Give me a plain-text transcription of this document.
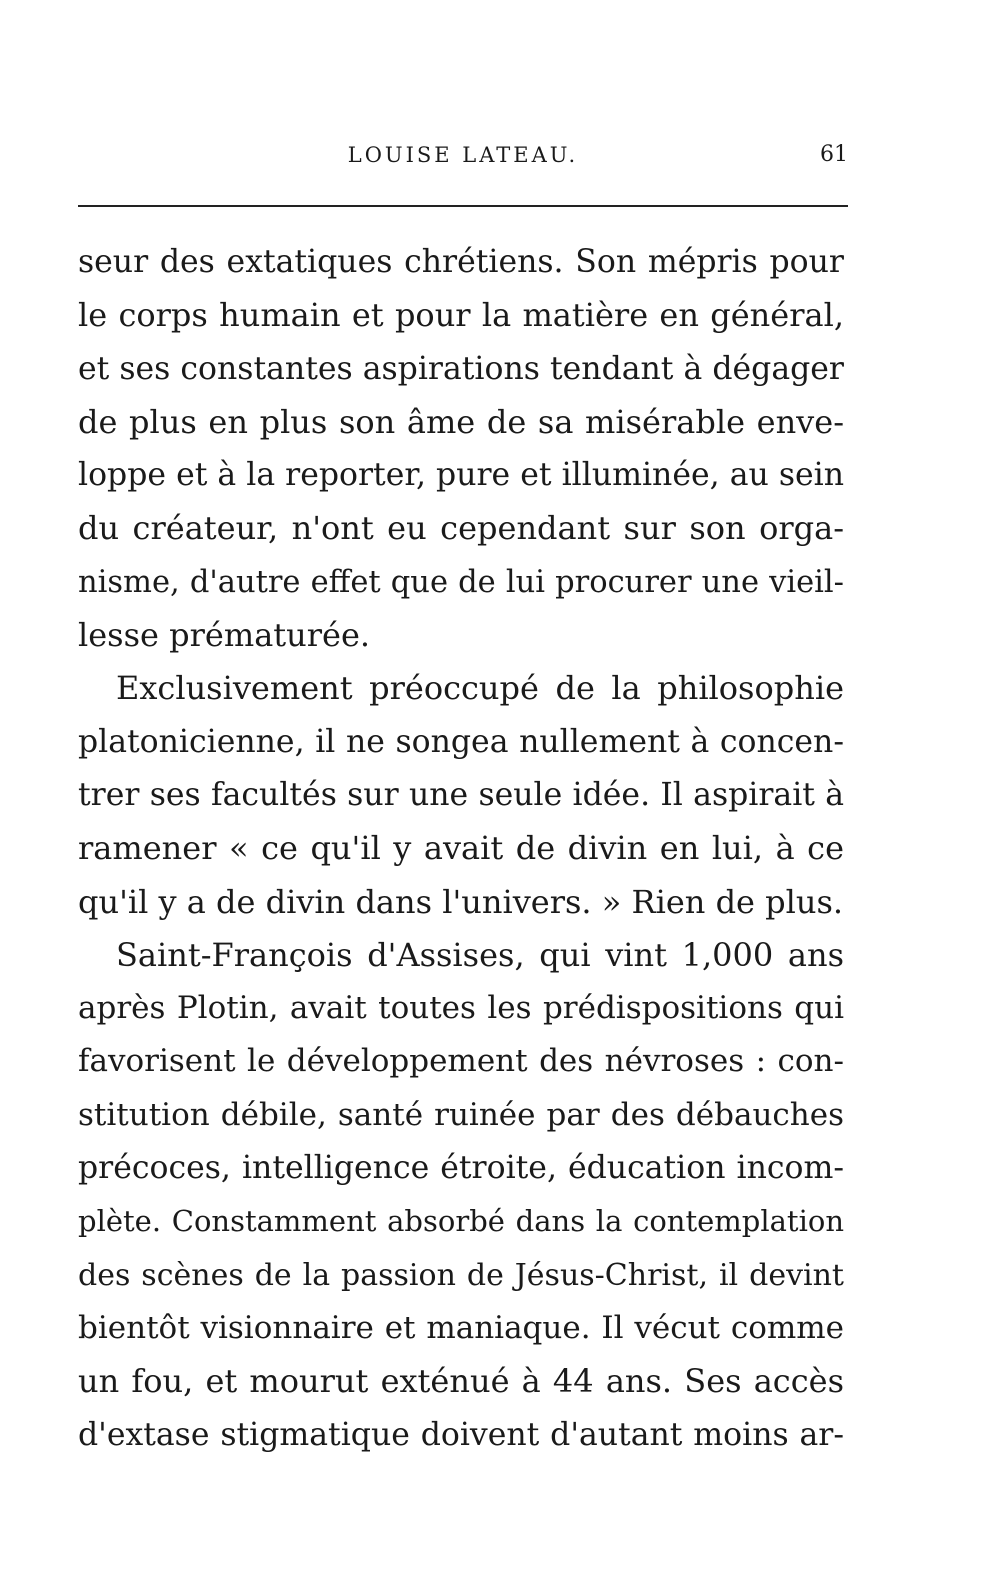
LOUISE LATEAU.	61
seur des extatiques chrétiens. Son mépris pour
le corps humain et pour la matière en général,
et ses constantes aspirations tendant à dégager
de plus en plus son âme de sa misérable enve-
loppe et à la reporter, pure et illuminée, au sein
du créateur, n'ont eu cependant sur son orga-
nisme, d'autre effet que de lui procurer une vieil-
lesse prématurée.
Exclusivement préoccupé de la philosophie
platonicienne, il ne songea nullement à concen-
trer ses facultés sur une seule idée. Il aspirait à
ramener « ce qu'il y avait de divin en lui, à ce
qu'il y a de divin dans l'univers. » Rien de plus.
Saint-François d'Assises, qui vint 1,000 ans
après Plotin, avait toutes les prédispositions qui
favorisent le développement des névroses : con-
stitution débile, santé ruinée par des débauches
précoces, intelligence étroite, éducation incom-
plète. Constamment absorbé dans la contemplation
des scènes de la passion de Jésus-Christ, il devint
bientôt visionnaire et maniaque. Il vécut comme
un fou, et mourut exténué à 44 ans. Ses accès
d'extase stigmatique doivent d'autant moins ar-
